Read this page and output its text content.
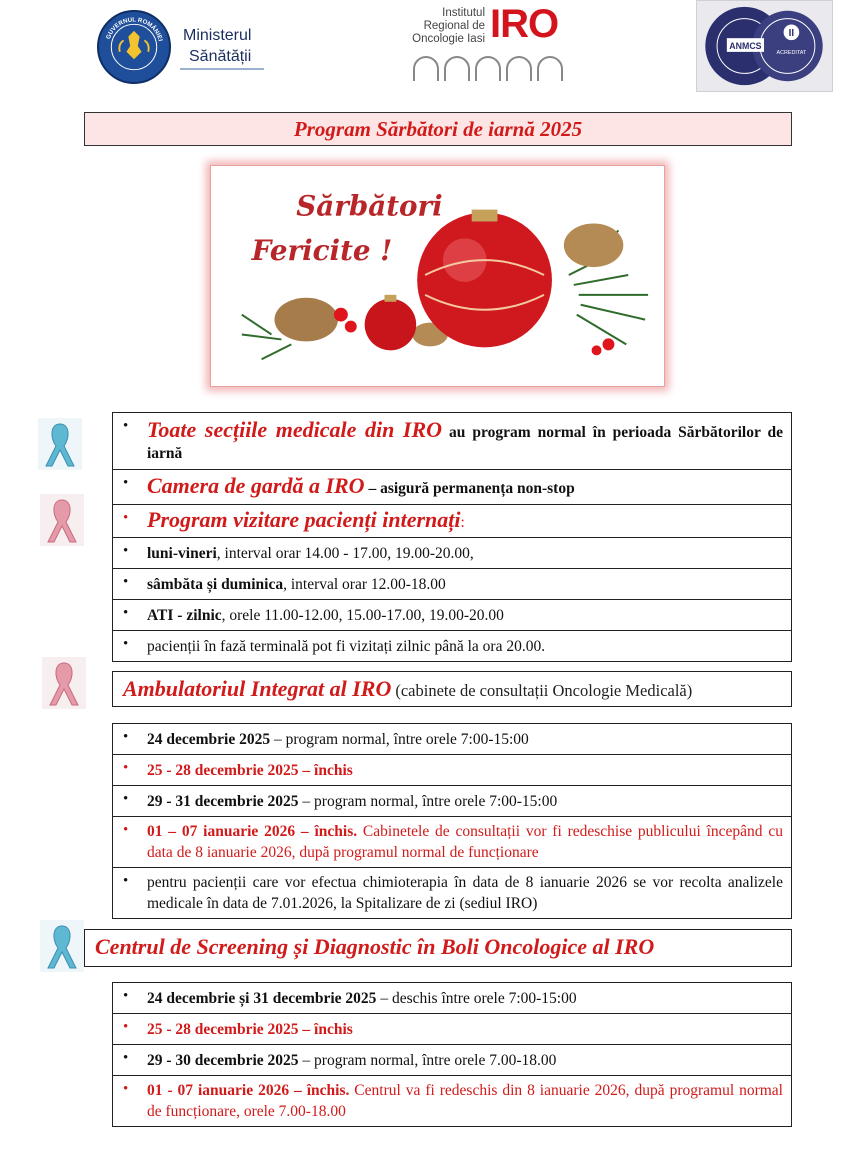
GUVERNUL ROMÂNIEI Ministerul
Sănătății
Institutul
Regional de
Oncologie Iasi IRO	II
ANMCS
ACREDITAT
Program Sărbători de iarnă 2025
Sărbători
Fericite !
• Toate secțiile medicale din IRO au program normal în perioada Sărbătorilor de iarnă
• Camera de gardă a IRO – asigură permanența non-stop
• Program vizitare pacienți internați:
• luni-vineri, interval orar 14.00 - 17.00, 19.00-20.00,
• sâmbăta și duminica, interval orar 12.00-18.00
• ATI - zilnic, orele 11.00-12.00, 15.00-17.00, 19.00-20.00
• pacienții în fază terminală pot fi vizitați zilnic până la ora 20.00.
Ambulatoriul Integrat al IRO (cabinete de consultații Oncologie Medicală)
• 24 decembrie 2025 – program normal, între orele 7:00-15:00
• 25 - 28 decembrie 2025 – închis
• 29 - 31 decembrie 2025 – program normal, între orele 7:00-15:00
• 01 – 07 ianuarie 2026 – închis. Cabinetele de consultații vor fi redeschise publicului începând cu data de 8 ianuarie 2026, după programul normal de funcționare
• pentru pacienții care vor efectua chimioterapia în data de 8 ianuarie 2026 se vor recolta analizele medicale în data de 7.01.2026, la Spitalizare de zi (sediul IRO)
Centrul de Screening și Diagnostic în Boli Oncologice al IRO
• 24 decembrie și 31 decembrie 2025 – deschis între orele 7:00-15:00
• 25 - 28 decembrie 2025 – închis
• 29 - 30 decembrie 2025 – program normal, între orele 7.00-18.00
• 01 - 07 ianuarie 2026 – închis. Centrul va fi redeschis din 8 ianuarie 2026, după programul normal de funcționare, orele 7.00-18.00
